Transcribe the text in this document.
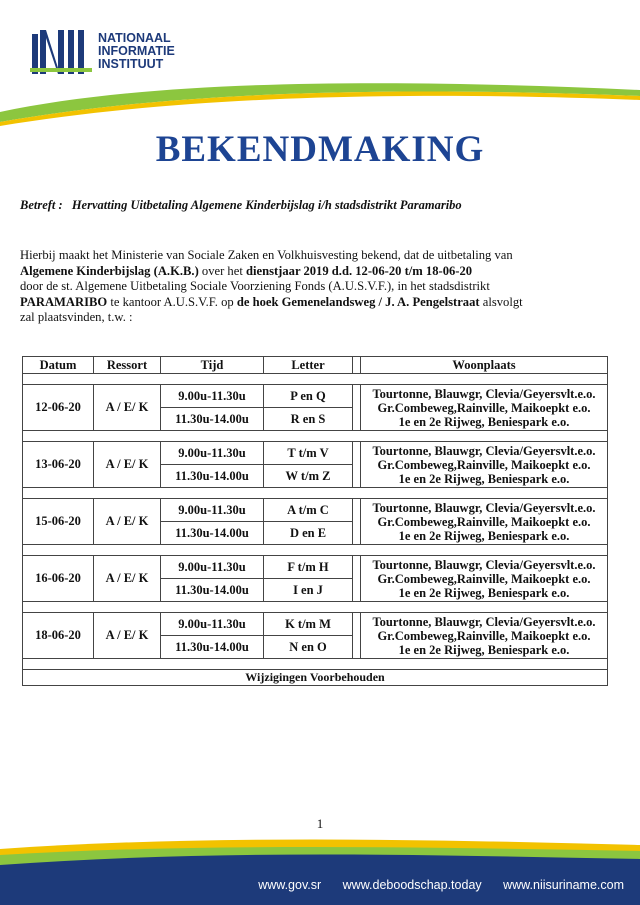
NATIONAAL
INFORMATIE
INSTITUUT
BEKENDMAKING
Betreft : Hervatting Uitbetaling Algemene Kinderbijslag i/h stadsdistrikt Paramaribo
Hierbij maakt het Ministerie van Sociale Zaken en Volkhuisvesting bekend, dat de uitbetaling van
Algemene Kinderbijslag (A.K.B.) over het dienstjaar 2019 d.d. 12-06-20 t/m 18-06-20
door de st. Algemene Uitbetaling Sociale Voorziening Fonds (A.U.S.V.F.), in het stadsdistrikt
PARAMARIBO te kantoor A.U.S.V.F. op de hoek Gemenelandsweg / J. A. Pengelstraat alsvolgt
zal plaatsvinden, t.w. :
Datum	Ressort	Tijd	Letter		Woonplaats

12-06-20	A / E/ K	9.00u-11.30u	P en Q		Tourtonne, Blauwgr, Clevia/Geyersvlt.e.o.
Gr.Combeweg,Rainville, Maikoepkt e.o.
1e en 2e Rijweg, Beniespark e.o.

		11.30u-14.00u	R en S		

13-06-20	A / E/ K	9.00u-11.30u	T t/m V		Tourtonne, Blauwgr, Clevia/Geyersvlt.e.o.
Gr.Combeweg,Rainville, Maikoepkt e.o.
1e en 2e Rijweg, Beniespark e.o.

		11.30u-14.00u	W t/m Z		

15-06-20	A / E/ K	9.00u-11.30u	A t/m C		Tourtonne, Blauwgr, Clevia/Geyersvlt.e.o.
Gr.Combeweg,Rainville, Maikoepkt e.o.
1e en 2e Rijweg, Beniespark e.o.

		11.30u-14.00u	D en E		

16-06-20	A / E/ K	9.00u-11.30u	F t/m H		Tourtonne, Blauwgr, Clevia/Geyersvlt.e.o.
Gr.Combeweg,Rainville, Maikoepkt e.o.
1e en 2e Rijweg, Beniespark e.o.

		11.30u-14.00u	I en J		

18-06-20	A / E/ K	9.00u-11.30u	K t/m M		Tourtonne, Blauwgr, Clevia/Geyersvlt.e.o.
Gr.Combeweg,Rainville, Maikoepkt e.o.
1e en 2e Rijweg, Beniespark e.o.

		11.30u-14.00u	N en O		

Wijzigingen Voorbehouden					
1
www.gov.sr www.deboodschap.today www.niisuriname.com
